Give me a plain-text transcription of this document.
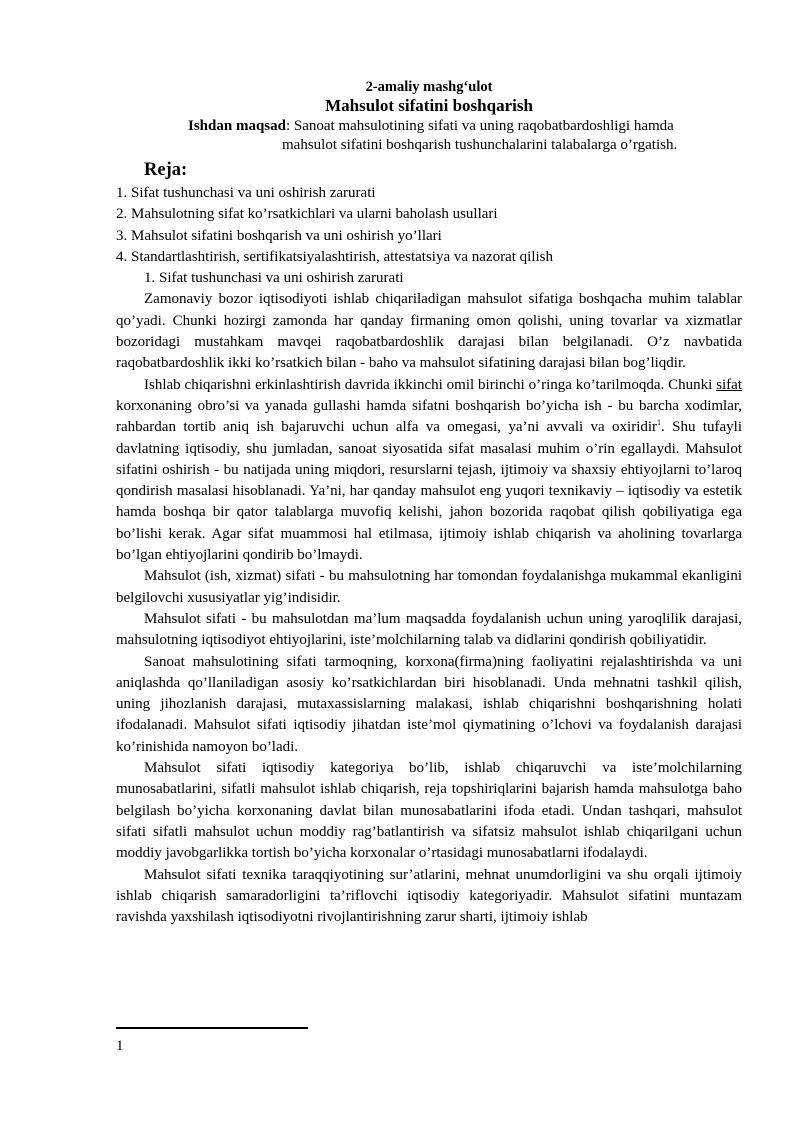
2-amaliy mashg‘ulot

Mahsulot sifatini boshqarish

Ishdan maqsad: Sanoat mahsulotining sifati va uning raqobatbardoshligi hamda
mahsulot sifatini boshqarish tushunchalarini talabalarga o’rgatish.

Reja:

1. Sifat tushunchasi va uni oshirish zarurati
2. Mahsulotning sifat ko’rsatkichlari va ularni baholash usullari
3. Mahsulot sifatini boshqarish va uni oshirish yo’llari
4. Standartlashtirish, sertifikatsiyalashtirish, attestatsiya va nazorat qilish

1. Sifat tushunchasi va uni oshirish zarurati

Zamonaviy bozor iqtisodiyoti ishlab chiqariladigan mahsulot sifatiga boshqacha muhim talablar qo’yadi. Chunki hozirgi zamonda har qanday firmaning omon qolishi, uning tovarlar va xizmatlar bozoridagi mustahkam mavqei raqobatbardoshlik darajasi bilan belgilanadi. O’z navbatida raqobatbardoshlik ikki ko’rsatkich bilan - baho va mahsulot sifatining darajasi bilan bog’liqdir.

Ishlab chiqarishni erkinlashtirish davrida ikkinchi omil birinchi o’ringa ko’tarilmoqda. Chunki sifat korxonaning obro’si va yanada gullashi hamda sifatni boshqarish bo’yicha ish - bu barcha xodimlar, rahbardan tortib aniq ish bajaruvchi uchun alfa va omegasi, ya’ni avvali va oxiridir$^1$. Shu tufayli davlatning iqtisodiy, shu jumladan, sanoat siyosatida sifat masalasi muhim o’rin egallaydi. Mahsulot sifatini oshirish - bu natijada uning miqdori, resurslarni tejash, ijtimoiy va shaxsiy ehtiyojlarni to’laroq qondirish masalasi hisoblanadi. Ya’ni, har qanday mahsulot eng yuqori texnikaviy – iqtisodiy va estetik hamda boshqa bir qator talablarga muvofiq kelishi, jahon bozorida raqobat qilish qobiliyatiga ega bo’lishi kerak. Agar sifat muammosi hal etilmasa, ijtimoiy ishlab chiqarish va aholining tovarlarga bo’lgan ehtiyojlarini qondirib bo’lmaydi.

Mahsulot (ish, xizmat) sifati - bu mahsulotning har tomondan foydalanishga mukammal ekanligini belgilovchi xususiyatlar yig’indisidir.

Mahsulot sifati - bu mahsulotdan ma’lum maqsadda foydalanish uchun uning yaroqlilik darajasi, mahsulotning iqtisodiyot ehtiyojlarini, iste’molchilarning talab va didlarini qondirish qobiliyatidir.

Sanoat mahsulotining sifati tarmoqning, korxona(firma)ning faoliyatini rejalashtirishda va uni aniqlashda qo’llaniladigan asosiy ko’rsatkichlardan biri hisoblanadi. Unda mehnatni tashkil qilish, uning jihozlanish darajasi, mutaxassislarning malakasi, ishlab chiqarishni boshqarishning holati ifodalanadi. Mahsulot sifati iqtisodiy jihatdan iste’mol qiymatining o’lchovi va foydalanish darajasi ko’rinishida namoyon bo’ladi.

Mahsulot sifati iqtisodiy kategoriya bo’lib, ishlab chiqaruvchi va iste’molchilarning munosabatlarini, sifatli mahsulot ishlab chiqarish, reja topshiriqlarini bajarish hamda mahsulotga baho belgilash bo’yicha korxonaning davlat bilan munosabatlarini ifoda etadi. Undan tashqari, mahsulot sifati sifatli mahsulot uchun moddiy rag’batlantirish va sifatsiz mahsulot ishlab chiqarilgani uchun moddiy javobgarlikka tortish bo’yicha korxonalar o’rtasidagi munosabatlarni ifodalaydi.

Mahsulot sifati texnika taraqqiyotining sur’atlarini, mehnat unumdorligini va shu orqali ijtimoiy ishlab chiqarish samaradorligini ta’riflovchi iqtisodiy kategoriyadir. Mahsulot sifatini muntazam ravishda yaxshilash iqtisodiyotni rivojlantirishning zarur sharti, ijtimoiy ishlab

1
